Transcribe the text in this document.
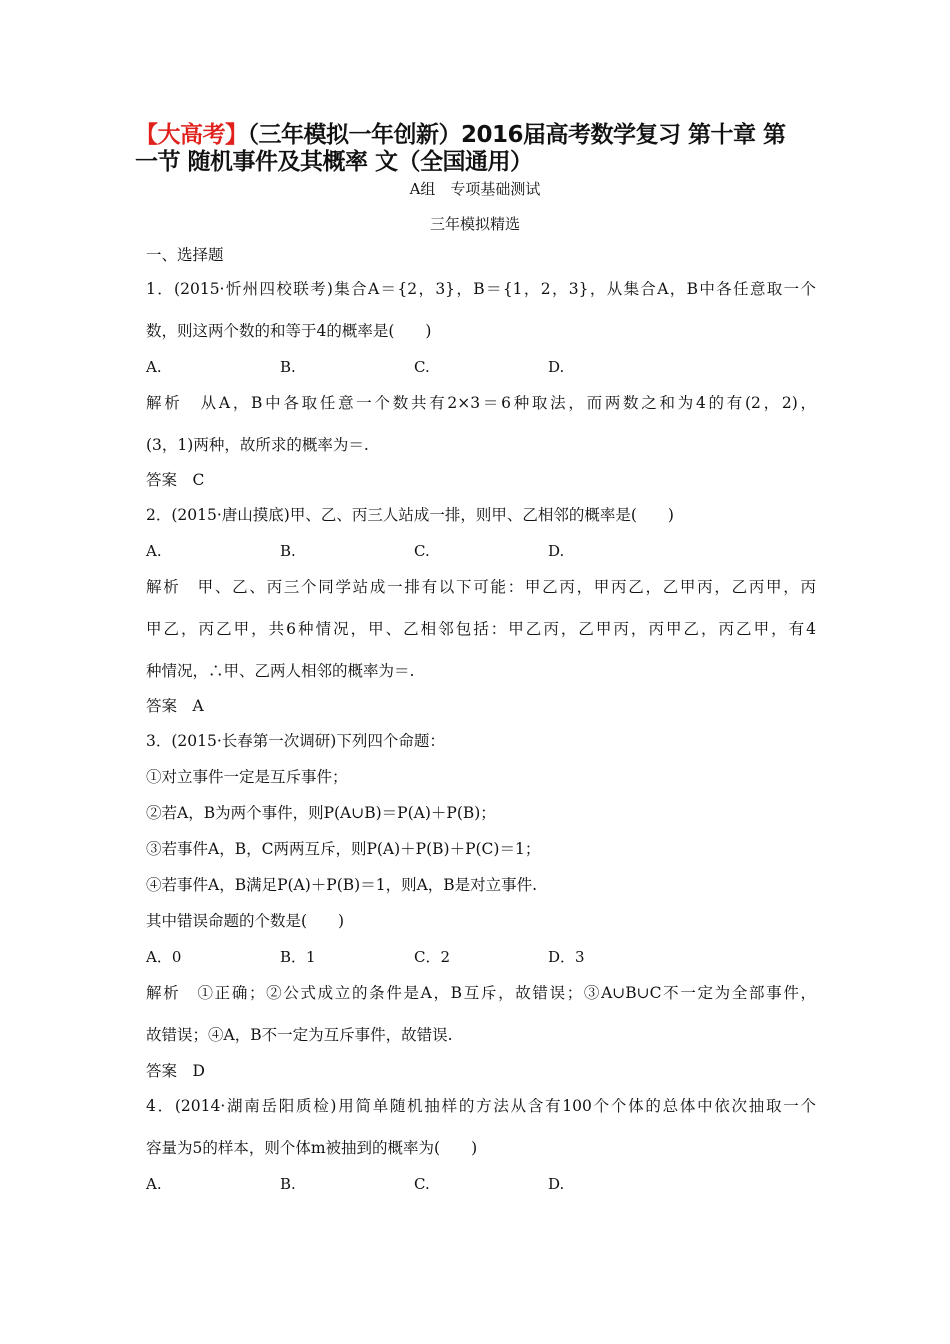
【大高考】（三年模拟一年创新）2016届高考数学复习 第十章 第
一节 随机事件及其概率 文（全国通用）
A组　专项基础测试
三年模拟精选
一、选择题
1．(2015·忻州四校联考)集合A＝{2，3}，B＝{1，2，3}，从集合A，B中各任意取一个
数，则这两个数的和等于4的概率是(　　)
A.	B.	C.	D.
解析　从A，B中各取任意一个数共有2×3＝6种取法，而两数之和为4的有(2，2)，
(3，1)两种，故所求的概率为＝.
答案　C
2．(2015·唐山摸底)甲、乙、丙三人站成一排，则甲、乙相邻的概率是(　　)
A.	B.	C.	D.
解析　甲、乙、丙三个同学站成一排有以下可能：甲乙丙，甲丙乙，乙甲丙，乙丙甲，丙
甲乙，丙乙甲，共6种情况，甲、乙相邻包括：甲乙丙，乙甲丙，丙甲乙，丙乙甲，有4
种情况，∴甲、乙两人相邻的概率为＝.
答案　A
3．(2015·长春第一次调研)下列四个命题：
①对立事件一定是互斥事件；
②若A，B为两个事件，则P(A∪B)＝P(A)＋P(B)；
③若事件A，B，C两两互斥，则P(A)＋P(B)＋P(C)＝1；
④若事件A，B满足P(A)＋P(B)＝1，则A，B是对立事件.
其中错误命题的个数是(　　)
A．0	B．1	C．2	D．3
解析　①正确；②公式成立的条件是A，B互斥，故错误；③A∪B∪C不一定为全部事件，
故错误；④A，B不一定为互斥事件，故错误.
答案　D
4．(2014·湖南岳阳质检)用简单随机抽样的方法从含有100个个体的总体中依次抽取一个
容量为5的样本，则个体m被抽到的概率为(　　)
A.	B.	C.	D.
